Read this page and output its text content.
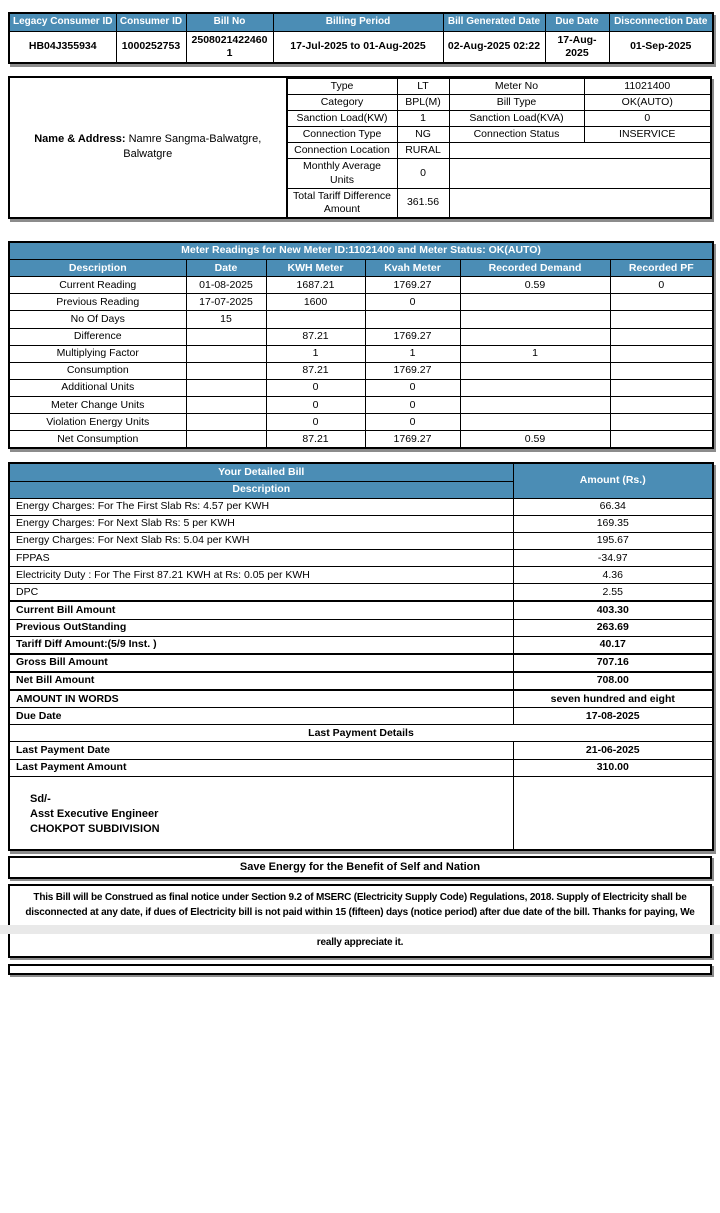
Legacy Consumer ID	Consumer ID	Bill No	Billing Period	Bill Generated Date	Due Date	Disconnection Date
HB04J355934	1000252753	25080214224601	17-Jul-2025 to 01-Aug-2025	02-Aug-2025 02:22	17-Aug-2025	01-Sep-2025
Name & Address: Namre Sangma-Balwatgre, Balwatgre
Type	LT	Meter No	11021400
Category	BPL(M)	Bill Type	OK(AUTO)
Sanction Load(KW)	1	Sanction Load(KVA)	0
Connection Type	NG	Connection Status	INSERVICE
Connection Location	RURAL		
Monthly Average Units	0		
Total Tariff Difference Amount	361.56		
Meter Readings for New Meter ID:11021400 and Meter Status: OK(AUTO)					
Description	Date	KWH Meter	Kvah Meter	Recorded Demand	Recorded PF
Current Reading	01-08-2025	1687.21	1769.27	0.59	0
Previous Reading	17-07-2025	1600	0		
No Of Days	15				
Difference		87.21	1769.27		
Multiplying Factor		1	1	1	
Consumption		87.21	1769.27		
Additional Units		0	0		
Meter Change Units		0	0		
Violation Energy Units		0	0		
Net Consumption		87.21	1769.27	0.59	
Your Detailed Bill	Amount (Rs.)
Description	
Energy Charges: For The First Slab Rs: 4.57 per KWH	66.34
Energy Charges: For Next Slab Rs: 5 per KWH	169.35
Energy Charges: For Next Slab Rs: 5.04 per KWH	195.67
FPPAS	-34.97
Electricity Duty : For The First 87.21 KWH at Rs: 0.05 per KWH	4.36
DPC	2.55
Current Bill Amount	403.30
Previous OutStanding	263.69
Tariff Diff Amount:(5/9 Inst. )	40.17
Gross Bill Amount	707.16
Net Bill Amount	708.00
AMOUNT IN WORDS	seven hundred and eight
Due Date	17-08-2025
Last Payment Details	
Last Payment Date	21-06-2025
Last Payment Amount	310.00

Sd/-
Asst Executive Engineer
CHOKPOT SUBDIVISION	

Save Energy for the Benefit of Self and Nation
This Bill will be Construed as final notice under Section 9.2 of MSERC (Electricity Supply Code) Regulations, 2018. Supply of Electricity shall be disconnected at any date, if dues of Electricity bill is not paid within 15 (fifteen) days (notice period) after due date of the bill. Thanks for paying, We
really appreciate it.
